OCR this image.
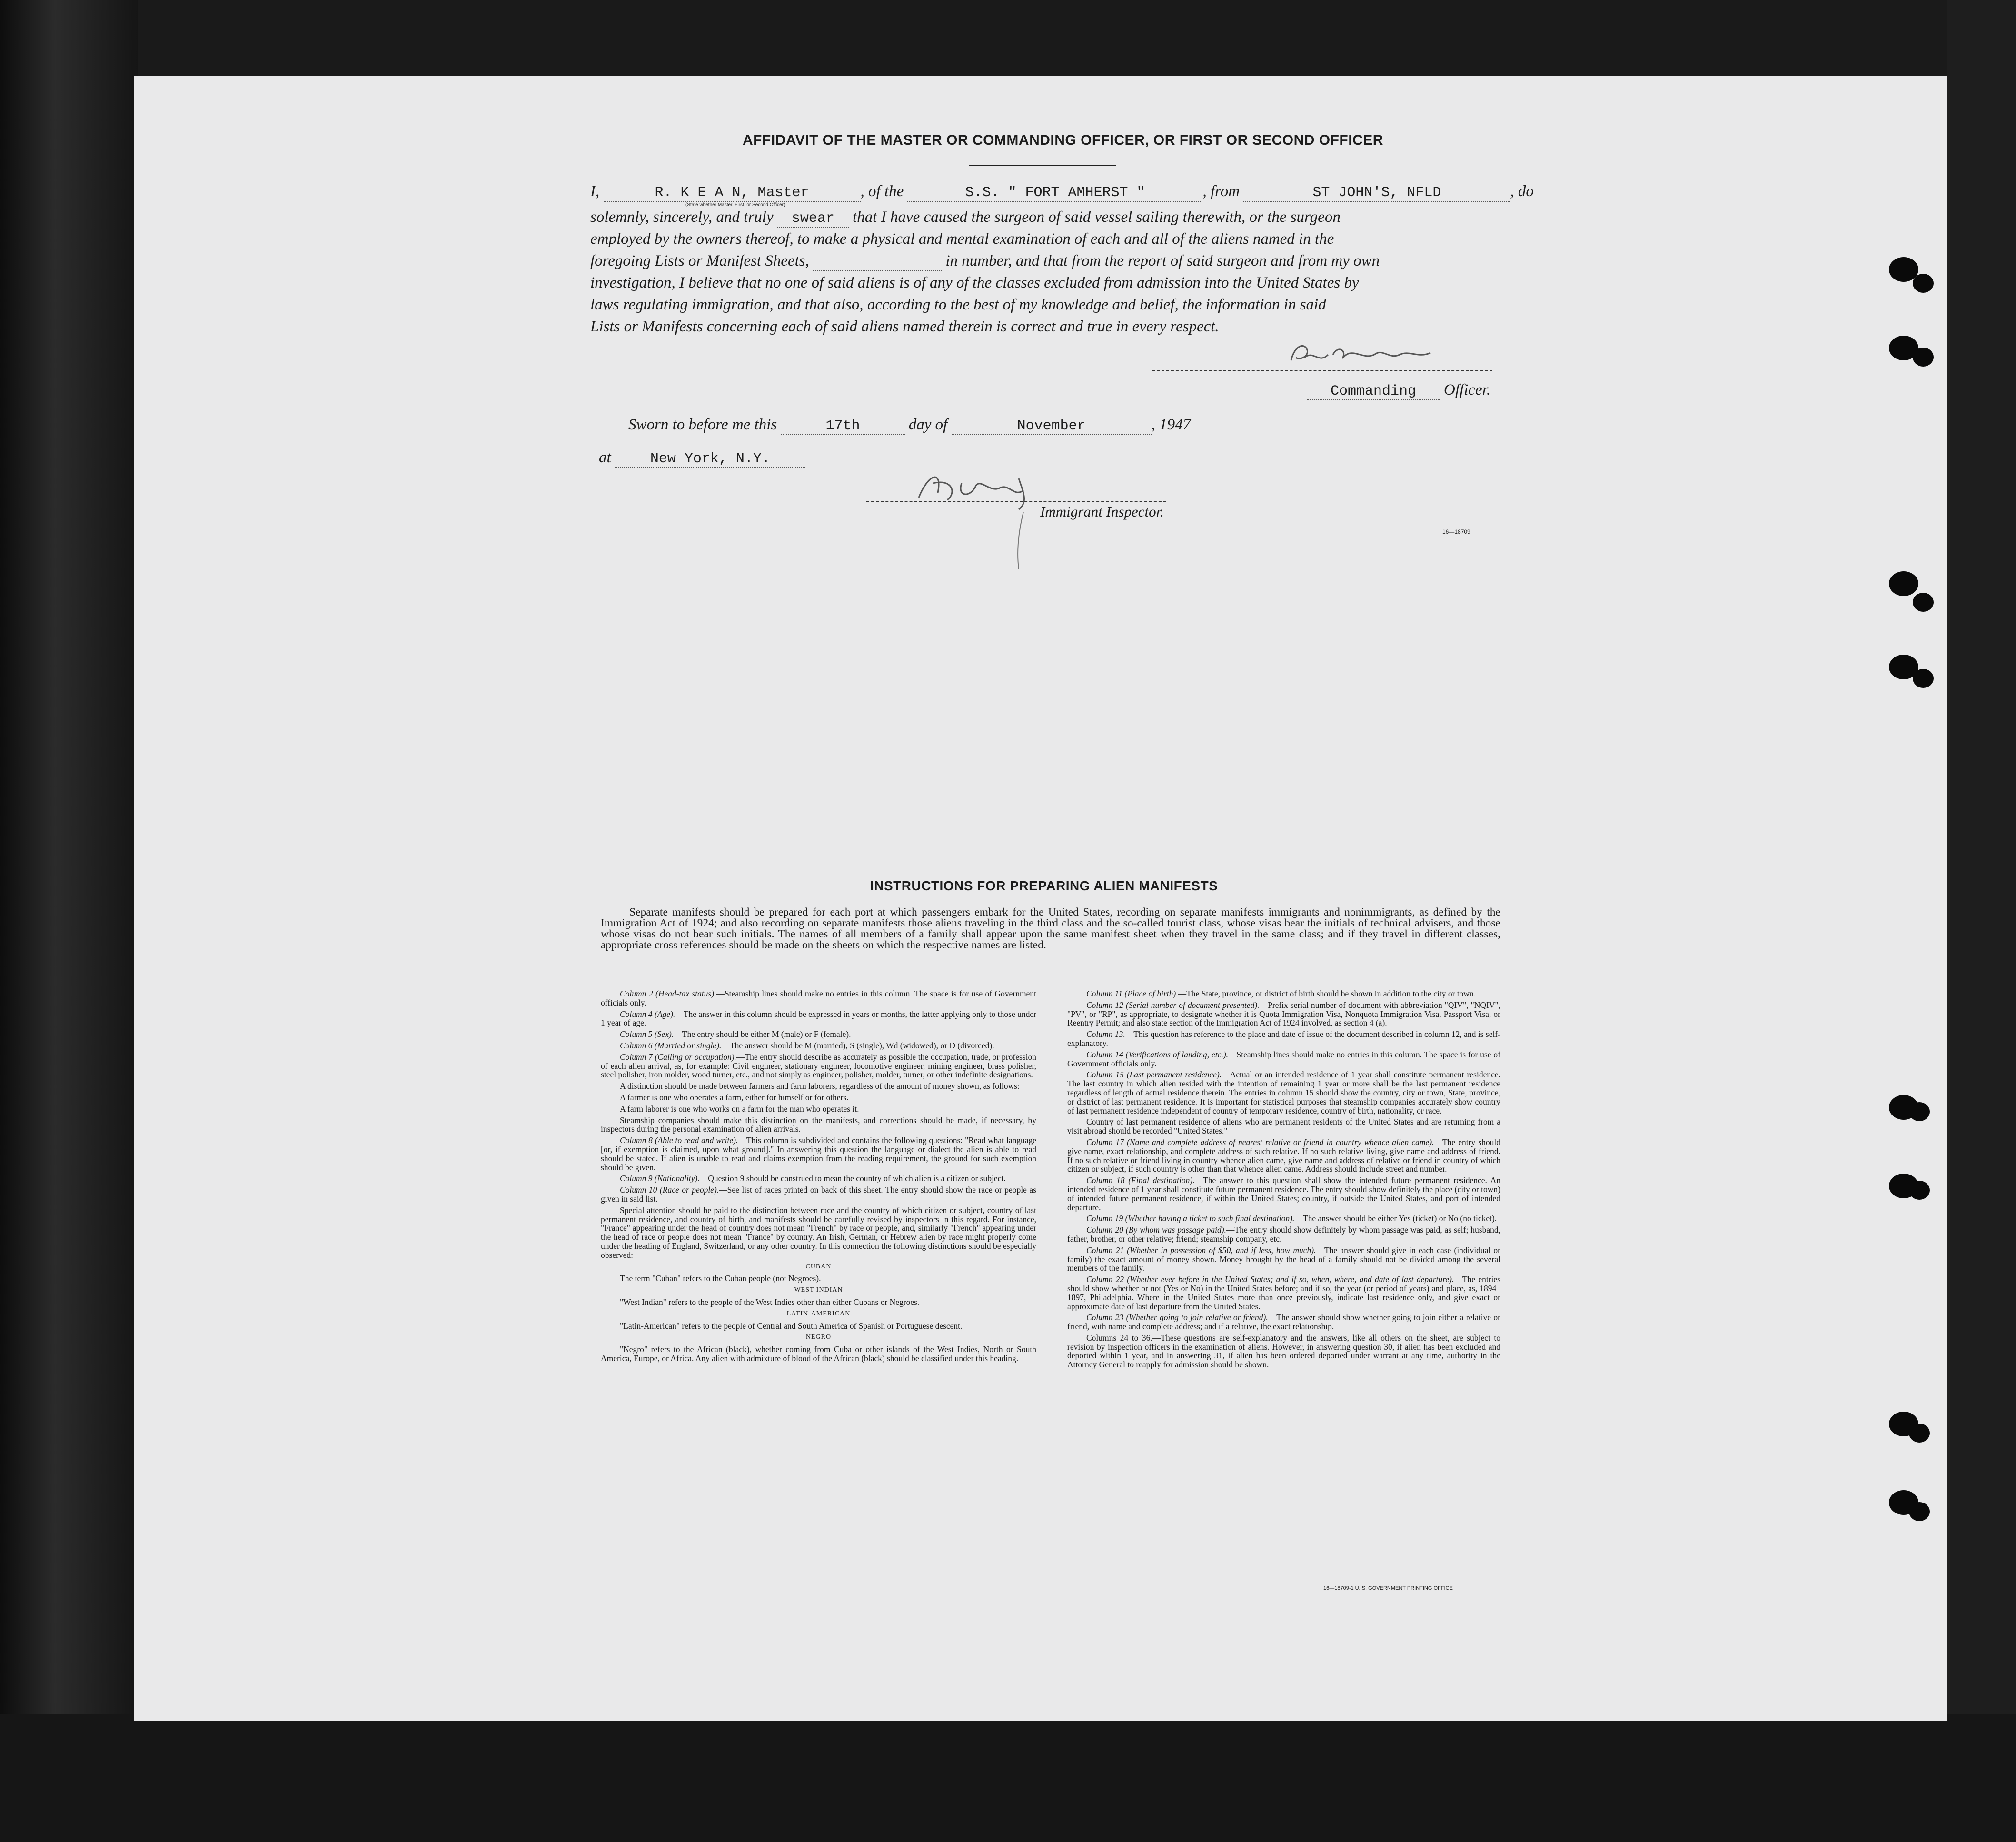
AFFIDAVIT OF THE MASTER OR COMMANDING OFFICER, OR FIRST OR SECOND OFFICER
I,	R. K E A N, Master	, of the	S.S. " FORT AMHERST "	, from	ST JOHN'S, NFLD	, do
(State whether Master, First, or Second Officer)
solemnly, sincerely, and truly swear that I have caused the surgeon of said vessel sailing therewith, or the surgeon
employed by the owners thereof, to make a physical and mental examination of each and all of the aliens named in the
foregoing Lists or Manifest Sheets,	in number, and that from the report of said surgeon and from my own
investigation, I believe that no one of said aliens is of any of the classes excluded from admission into the United States by
laws regulating immigration, and that also, according to the best of my knowledge and belief, the information in said
Lists or Manifests concerning each of said aliens named therein is correct and true in every respect.
Commanding Officer.
Sworn to before me this	17th	day of	November	, 1947
at	New York, N.Y.
Immigrant Inspector.
16—18709
INSTRUCTIONS FOR PREPARING ALIEN MANIFESTS
Separate manifests should be prepared for each port at which passengers embark for the United States, recording on separate manifests immigrants and nonimmigrants, as defined by the Immigration Act of 1924; and also recording on separate manifests those aliens traveling in the third class and the so-called tourist class, whose visas bear the initials of technical advisers, and those whose visas do not bear such initials. The names of all members of a family shall appear upon the same manifest sheet when they travel in the same class; and if they travel in different classes, appropriate cross references should be made on the sheets on which the respective names are listed.

Column 2 (Head-tax status).—Steamship lines should make no entries in this column. The space is for use of Government officials only.

Column 4 (Age).—The answer in this column should be expressed in years or months, the latter applying only to those under 1 year of age.

Column 5 (Sex).—The entry should be either M (male) or F (female).

Column 6 (Married or single).—The answer should be M (married), S (single), Wd (widowed), or D (divorced).

Column 7 (Calling or occupation).—The entry should describe as accurately as possible the occupation, trade, or profession of each alien arrival, as, for example: Civil engineer, stationary engineer, locomotive engineer, mining engineer, brass polisher, steel polisher, iron molder, wood turner, etc., and not simply as engineer, polisher, molder, turner, or other indefinite designations.

A distinction should be made between farmers and farm laborers, regardless of the amount of money shown, as follows:

A farmer is one who operates a farm, either for himself or for others.

A farm laborer is one who works on a farm for the man who operates it.

Steamship companies should make this distinction on the manifests, and corrections should be made, if necessary, by inspectors during the personal examination of alien arrivals.

Column 8 (Able to read and write).—This column is subdivided and contains the following questions: "Read what language [or, if exemption is claimed, upon what ground]." In answering this question the language or dialect the alien is able to read should be stated. If alien is unable to read and claims exemption from the reading requirement, the ground for such exemption should be given.

Column 9 (Nationality).—Question 9 should be construed to mean the country of which alien is a citizen or subject.

Column 10 (Race or people).—See list of races printed on back of this sheet. The entry should show the race or people as given in said list.

Special attention should be paid to the distinction between race and the country of which citizen or subject, country of last permanent residence, and country of birth, and manifests should be carefully revised by inspectors in this regard. For instance, "France" appearing under the head of country does not mean "French" by race or people, and, similarly "French" appearing under the head of race or people does not mean "France" by country. An Irish, German, or Hebrew alien by race might properly come under the heading of England, Switzerland, or any other country. In this connection the following distinctions should be especially observed:

CUBAN

The term "Cuban" refers to the Cuban people (not Negroes).

WEST INDIAN

"West Indian" refers to the people of the West Indies other than either Cubans or Negroes.

LATIN-AMERICAN

"Latin-American" refers to the people of Central and South America of Spanish or Portuguese descent.

NEGRO

"Negro" refers to the African (black), whether coming from Cuba or other islands of the West Indies, North or South America, Europe, or Africa. Any alien with admixture of blood of the African (black) should be classified under this heading.

Column 11 (Place of birth).—The State, province, or district of birth should be shown in addition to the city or town.

Column 12 (Serial number of document presented).—Prefix serial number of document with abbreviation "QIV", "NQIV", "PV", or "RP", as appropriate, to designate whether it is Quota Immigration Visa, Nonquota Immigration Visa, Passport Visa, or Reentry Permit; and also state section of the Immigration Act of 1924 involved, as section 4 (a).

Column 13.—This question has reference to the place and date of issue of the document described in column 12, and is self-explanatory.

Column 14 (Verifications of landing, etc.).—Steamship lines should make no entries in this column. The space is for use of Government officials only.

Column 15 (Last permanent residence).—Actual or an intended residence of 1 year shall constitute permanent residence. The last country in which alien resided with the intention of remaining 1 year or more shall be the last permanent residence regardless of length of actual residence therein. The entries in column 15 should show the country, city or town, State, province, or district of last permanent residence. It is important for statistical purposes that steamship companies accurately show country of last permanent residence independent of country of temporary residence, country of birth, nationality, or race.

Country of last permanent residence of aliens who are permanent residents of the United States and are returning from a visit abroad should be recorded "United States."

Column 17 (Name and complete address of nearest relative or friend in country whence alien came).—The entry should give name, exact relationship, and complete address of such relative. If no such relative living, give name and address of friend. If no such relative or friend living in country whence alien came, give name and address of relative or friend in country of which citizen or subject, if such country is other than that whence alien came. Address should include street and number.

Column 18 (Final destination).—The answer to this question shall show the intended future permanent residence. An intended residence of 1 year shall constitute future permanent residence. The entry should show definitely the place (city or town) of intended future permanent residence, if within the United States; country, if outside the United States, and port of intended departure.

Column 19 (Whether having a ticket to such final destination).—The answer should be either Yes (ticket) or No (no ticket).

Column 20 (By whom was passage paid).—The entry should show definitely by whom passage was paid, as self; husband, father, brother, or other relative; friend; steamship company, etc.

Column 21 (Whether in possession of $50, and if less, how much).—The answer should give in each case (individual or family) the exact amount of money shown. Money brought by the head of a family should not be divided among the several members of the family.

Column 22 (Whether ever before in the United States; and if so, when, where, and date of last departure).—The entries should show whether or not (Yes or No) in the United States before; and if so, the year (or period of years) and place, as, 1894–1897, Philadelphia. Where in the United States more than once previously, indicate last residence only, and give exact or approximate date of last departure from the United States.

Column 23 (Whether going to join relative or friend).—The answer should show whether going to join either a relative or friend, with name and complete address; and if a relative, the exact relationship.

Columns 24 to 36.—These questions are self-explanatory and the answers, like all others on the sheet, are subject to revision by inspection officers in the examination of aliens. However, in answering question 30, if alien has been excluded and deported within 1 year, and in answering 31, if alien has been ordered deported under warrant at any time, authority in the Attorney General to reapply for admission should be shown.

16—18709-1 U. S. GOVERNMENT PRINTING OFFICE
